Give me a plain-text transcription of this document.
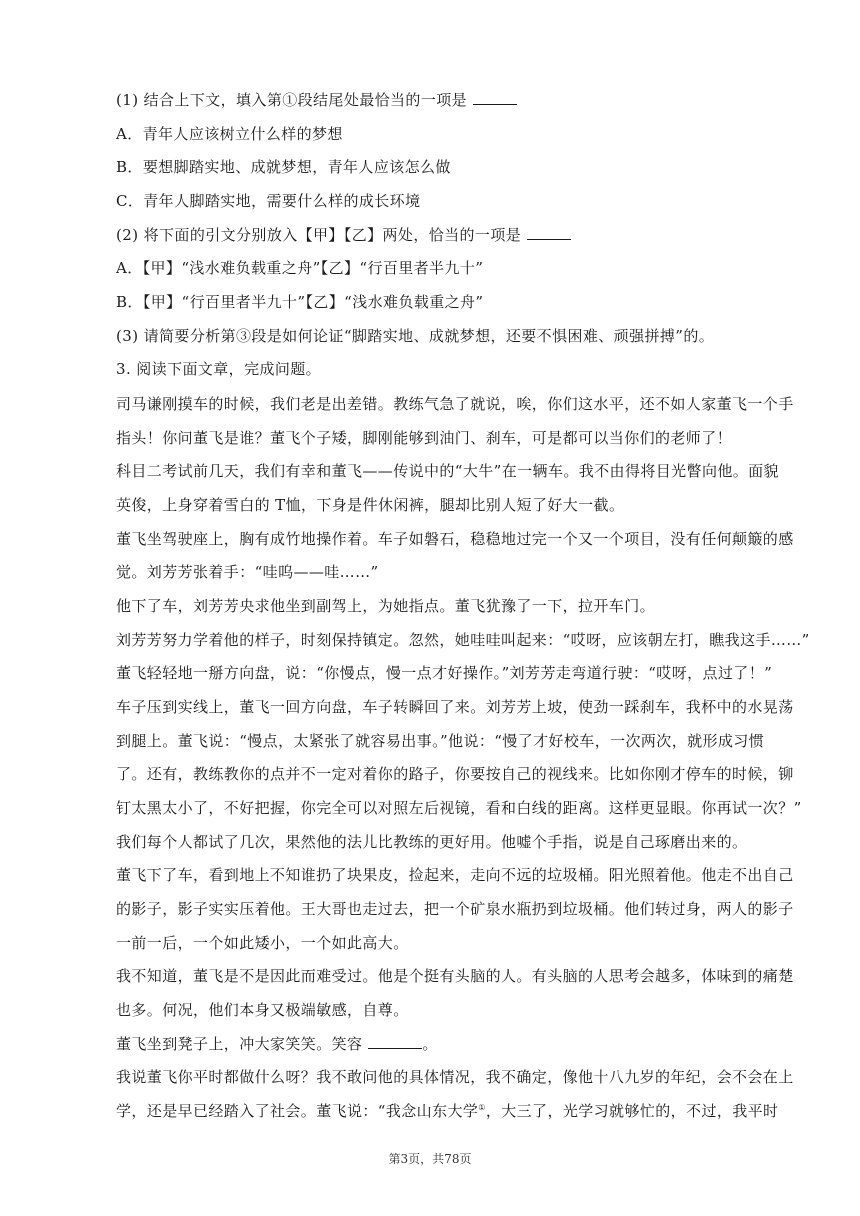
(1) 结合上下文，填入第①段结尾处最恰当的一项是
A．青年人应该树立什么样的梦想
B．要想脚踏实地、成就梦想，青年人应该怎么做
C．青年人脚踏实地，需要什么样的成长环境
(2) 将下面的引文分别放入【甲】【乙】两处，恰当的一项是
A．【甲】“浅水难负载重之舟”【乙】“行百里者半九十”
B．【甲】“行百里者半九十”【乙】“浅水难负载重之舟”
(3) 请简要分析第③段是如何论证“脚踏实地、成就梦想，还要不惧困难、顽强拼搏”的。
3. 阅读下面文章，完成问题。
司马谦刚摸车的时候，我们老是出差错。教练气急了就说，唉，你们这水平，还不如人家董飞一个手
指头！你问董飞是谁？董飞个子矮，脚刚能够到油门、刹车，可是都可以当你们的老师了！
科目二考试前几天，我们有幸和董飞——传说中的“大牛”在一辆车。我不由得将目光瞥向他。面貌
英俊，上身穿着雪白的 T恤，下身是件休闲裤，腿却比别人短了好大一截。
董飞坐驾驶座上，胸有成竹地操作着。车子如磐石，稳稳地过完一个又一个项目，没有任何颠簸的感
觉。刘芳芳张着手：“哇呜——哇……”
他下了车，刘芳芳央求他坐到副驾上，为她指点。董飞犹豫了一下，拉开车门。
刘芳芳努力学着他的样子，时刻保持镇定。忽然，她哇哇叫起来：“哎呀，应该朝左打，瞧我这手……”
董飞轻轻地一掰方向盘，说：“你慢点，慢一点才好操作。”刘芳芳走弯道行驶：“哎呀，点过了！”
车子压到实线上，董飞一回方向盘，车子转瞬回了来。刘芳芳上坡，使劲一踩刹车，我杯中的水晃荡
到腿上。董飞说：“慢点，太紧张了就容易出事。”他说：“慢了才好校车，一次两次，就形成习惯
了。还有，教练教你的点并不一定对着你的路子，你要按自己的视线来。比如你刚才停车的时候，铆
钉太黑太小了，不好把握，你完全可以对照左后视镜，看和白线的距离。这样更显眼。你再试一次？”
我们每个人都试了几次，果然他的法儿比教练的更好用。他嘘个手指，说是自己琢磨出来的。
董飞下了车，看到地上不知谁扔了块果皮，捡起来，走向不远的垃圾桶。阳光照着他。他走不出自己
的影子，影子实实压着他。王大哥也走过去，把一个矿泉水瓶扔到垃圾桶。他们转过身，两人的影子
一前一后，一个如此矮小，一个如此高大。
我不知道，董飞是不是因此而难受过。他是个挺有头脑的人。有头脑的人思考会越多，体味到的痛楚
也多。何况，他们本身又极端敏感，自尊。
董飞坐到凳子上，冲大家笑笑。笑容	。
我说董飞你平时都做什么呀？我不敢问他的具体情况，我不确定，像他十八九岁的年纪，会不会在上
学，还是早已经踏入了社会。董飞说：“我念山东大学①，大三了，光学习就够忙的，不过，我平时
第3页，共78页
